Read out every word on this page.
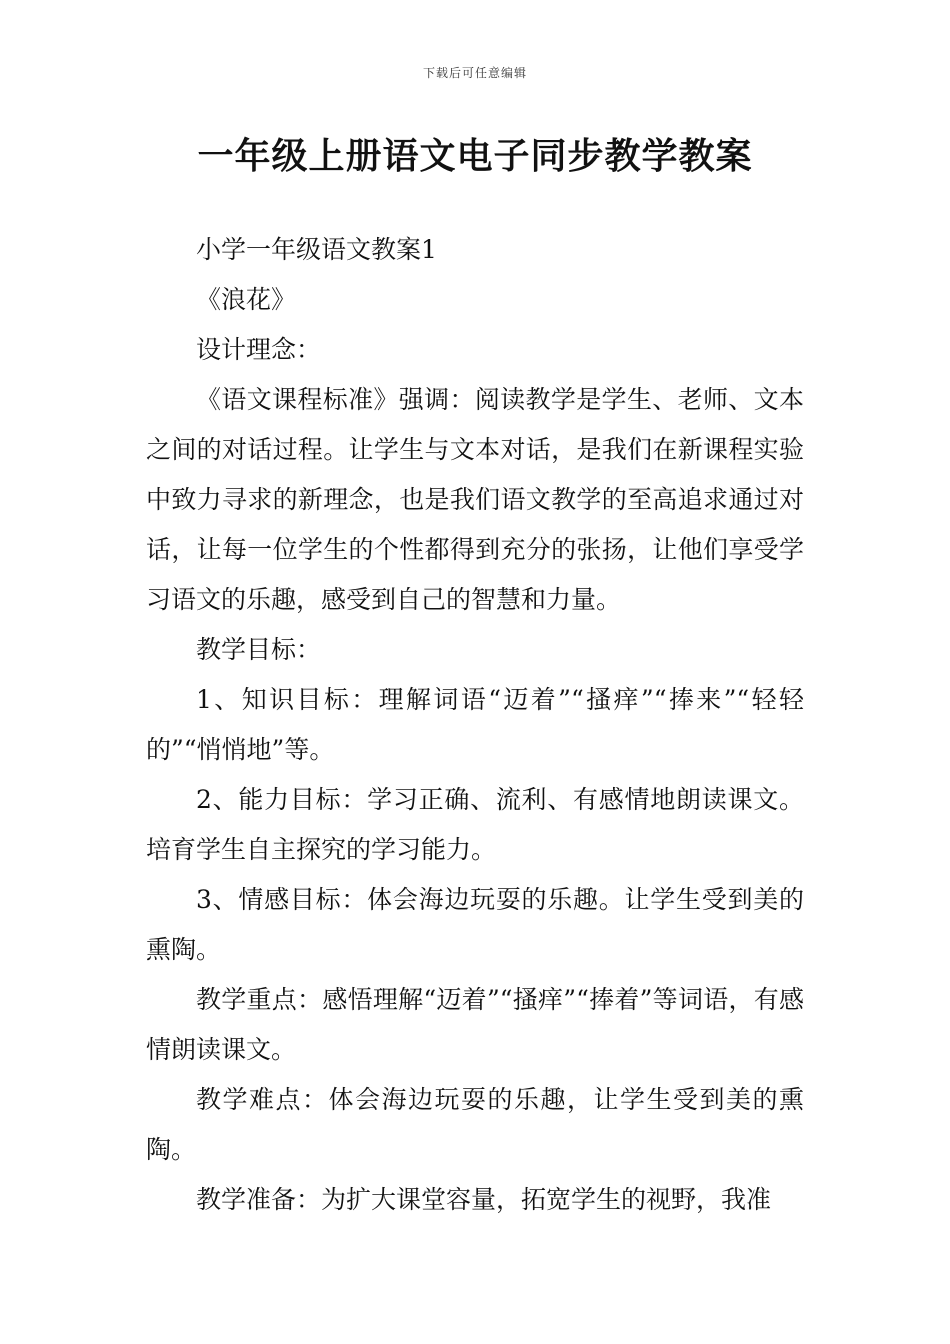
下载后可任意编辑
一年级上册语文电子同步教学教案

小学一年级语文教案1

《浪花》

设计理念：

《语文课程标准》强调：阅读教学是学生、老师、文本之间的对话过程。让学生与文本对话，是我们在新课程实验中致力寻求的新理念，也是我们语文教学的至高追求通过对话，让每一位学生的个性都得到充分的张扬，让他们享受学习语文的乐趣，感受到自己的智慧和力量。

教学目标：

1、知识目标：理解词语“迈着”“搔痒”“捧来”“轻轻的”“悄悄地”等。

2、能力目标：学习正确、流利、有感情地朗读课文。培育学生自主探究的学习能力。

3、情感目标：体会海边玩耍的乐趣。让学生受到美的熏陶。

教学重点：感悟理解“迈着”“搔痒”“捧着”等词语，有感情朗读课文。

教学难点：体会海边玩耍的乐趣，让学生受到美的熏陶。

教学准备：为扩大课堂容量，拓宽学生的视野，我准
